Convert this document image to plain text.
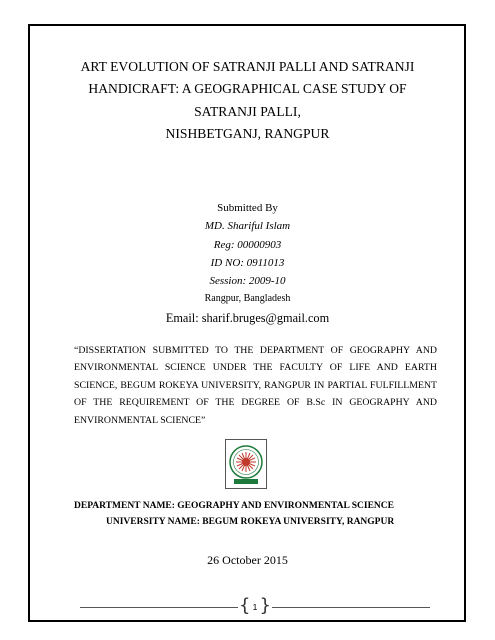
ART EVOLUTION OF SATRANJI PALLI AND SATRANJI
HANDICRAFT: A GEOGRAPHICAL CASE STUDY OF
SATRANJI PALLI,
NISHBETGANJ, RANGPUR
Submitted By
MD. Shariful Islam
Reg: 00000903
ID NO: 0911013
Session: 2009-10
Rangpur, Bangladesh
Email: sharif.bruges@gmail.com
“DISSERTATION SUBMITTED TO THE DEPARTMENT OF GEOGRAPHY AND ENVIRONMENTAL SCIENCE UNDER THE FACULTY OF LIFE AND EARTH SCIENCE, BEGUM ROKEYA UNIVERSITY, RANGPUR IN PARTIAL FULFILLMENT OF THE REQUIREMENT OF THE DEGREE OF B.Sc IN GEOGRAPHY AND ENVIRONMENTAL SCIENCE”
DEPARTMENT NAME: GEOGRAPHY AND ENVIRONMENTAL SCIENCE
UNIVERSITY NAME: BEGUM ROKEYA UNIVERSITY, RANGPUR
26 October 2015
{ 1 }
